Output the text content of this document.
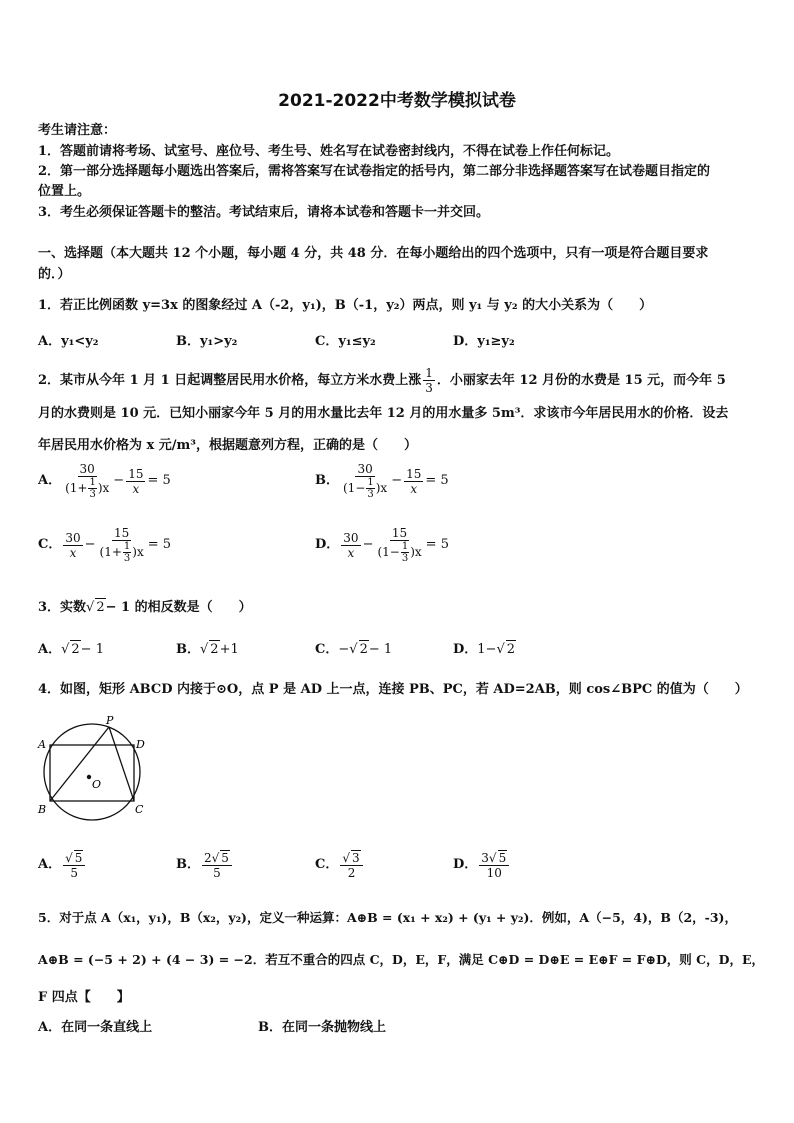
2021-2022中考数学模拟试卷
考生请注意：
1．答题前请将考场、试室号、座位号、考生号、姓名写在试卷密封线内，不得在试卷上作任何标记。
2．第一部分选择题每小题选出答案后，需将答案写在试卷指定的括号内，第二部分非选择题答案写在试卷题目指定的
位置上。
3．考生必须保证答题卡的整洁。考试结束后，请将本试卷和答题卡一并交回。
一、选择题（本大题共 12 个小题，每小题 4 分，共 48 分．在每小题给出的四个选项中，只有一项是符合题目要求
的．）
1．若正比例函数 y=3x 的图象经过 A（-2，y₁)，B（-1，y₂）两点，则 y₁ 与 y₂ 的大小关系为（　　）
A．y₁<y₂	B．y₁>y₂	C．y₁≤y₂	D．y₁≥y₂
2．某市从今年 1 月 1 日起调整居民用水价格，每立方米水费上涨 $\frac{1}{3}$ ．小丽家去年 12 月份的水费是 15 元，而今年 5
月的水费则是 10 元．已知小丽家今年 5 月的用水量比去年 12 月的用水量多 5m³．求该市今年居民用水的价格．设去
年居民用水价格为 x 元/m³，根据题意列方程，正确的是（　　）
A． $\frac{30}{(1+ \frac{1}{3} )x} - \frac{15}{x} = 5$	B． $\frac{30}{(1- \frac{1}{3} )x} - \frac{15}{x} = 5$
C． $\frac{30}{x} - \frac{15}{(1+ \frac{1}{3} )x} = 5$	D． $\frac{30}{x} - \frac{15}{(1- \frac{1}{3} )x} = 5$
3．实数√ 2− 1 的相反数是（　　）
A．√ 2− 1	B．√ 2+1	C．−√ 2− 1	D．1−√ 2
4．如图，矩形 ABCD 内接于⊙O，点 P 是 AD 上一点，连接 PB、PC，若 AD=2AB，则 cos∠BPC 的值为（　　）
A
B	C
D
P
O
A． $\frac{√ 5}{5}$	B． $\frac{2√ 5}{5}$	C． $\frac{√ 3}{2}$	D． $\frac{3√ 5}{10}$
5．对于点 A（x₁，y₁)，B（x₂，y₂)，定义一种运算：A⊕B = (x₁ + x₂) + (y₁ + y₂)．例如，A（−5，4)，B（2，-3)，
A⊕B = (−5 + 2) + (4 − 3) = −2．若互不重合的四点 C，D，E，F，满足 C⊕D = D⊕E = E⊕F = F⊕D，则 C，D，E，
F 四点【　　】
A．在同一条直线上	B．在同一条抛物线上
